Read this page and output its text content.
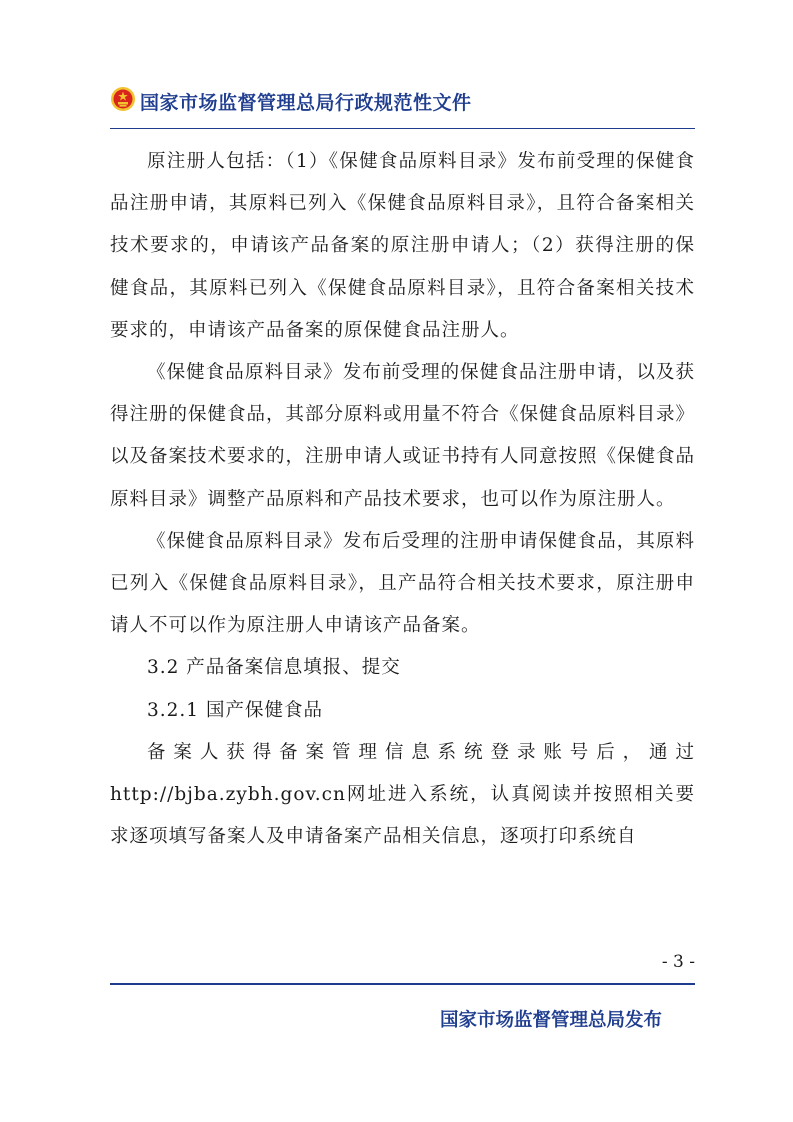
国家市场监督管理总局行政规范性文件

原注册人包括：（1）《保健食品原料目录》发布前受理的保健食品注册申请，其原料已列入《保健食品原料目录》，且符合备案相关技术要求的，申请该产品备案的原注册申请人；（2）获得注册的保健食品，其原料已列入《保健食品原料目录》，且符合备案相关技术要求的，申请该产品备案的原保健食品注册人。

《保健食品原料目录》发布前受理的保健食品注册申请，以及获得注册的保健食品，其部分原料或用量不符合《保健食品原料目录》以及备案技术要求的，注册申请人或证书持有人同意按照《保健食品原料目录》调整产品原料和产品技术要求，也可以作为原注册人。

《保健食品原料目录》发布后受理的注册申请保健食品，其原料已列入《保健食品原料目录》，且产品符合相关技术要求，原注册申请人不可以作为原注册人申请该产品备案。

3.2 产品备案信息填报、提交

3.2.1 国产保健食品

备案人获得备案管理信息系统登录账号后，通过http://bjba.zybh.gov.cn网址进入系统，认真阅读并按照相关要求逐项填写备案人及申请备案产品相关信息，逐项打印系统自

- 3 -
国家市场监督管理总局发布
